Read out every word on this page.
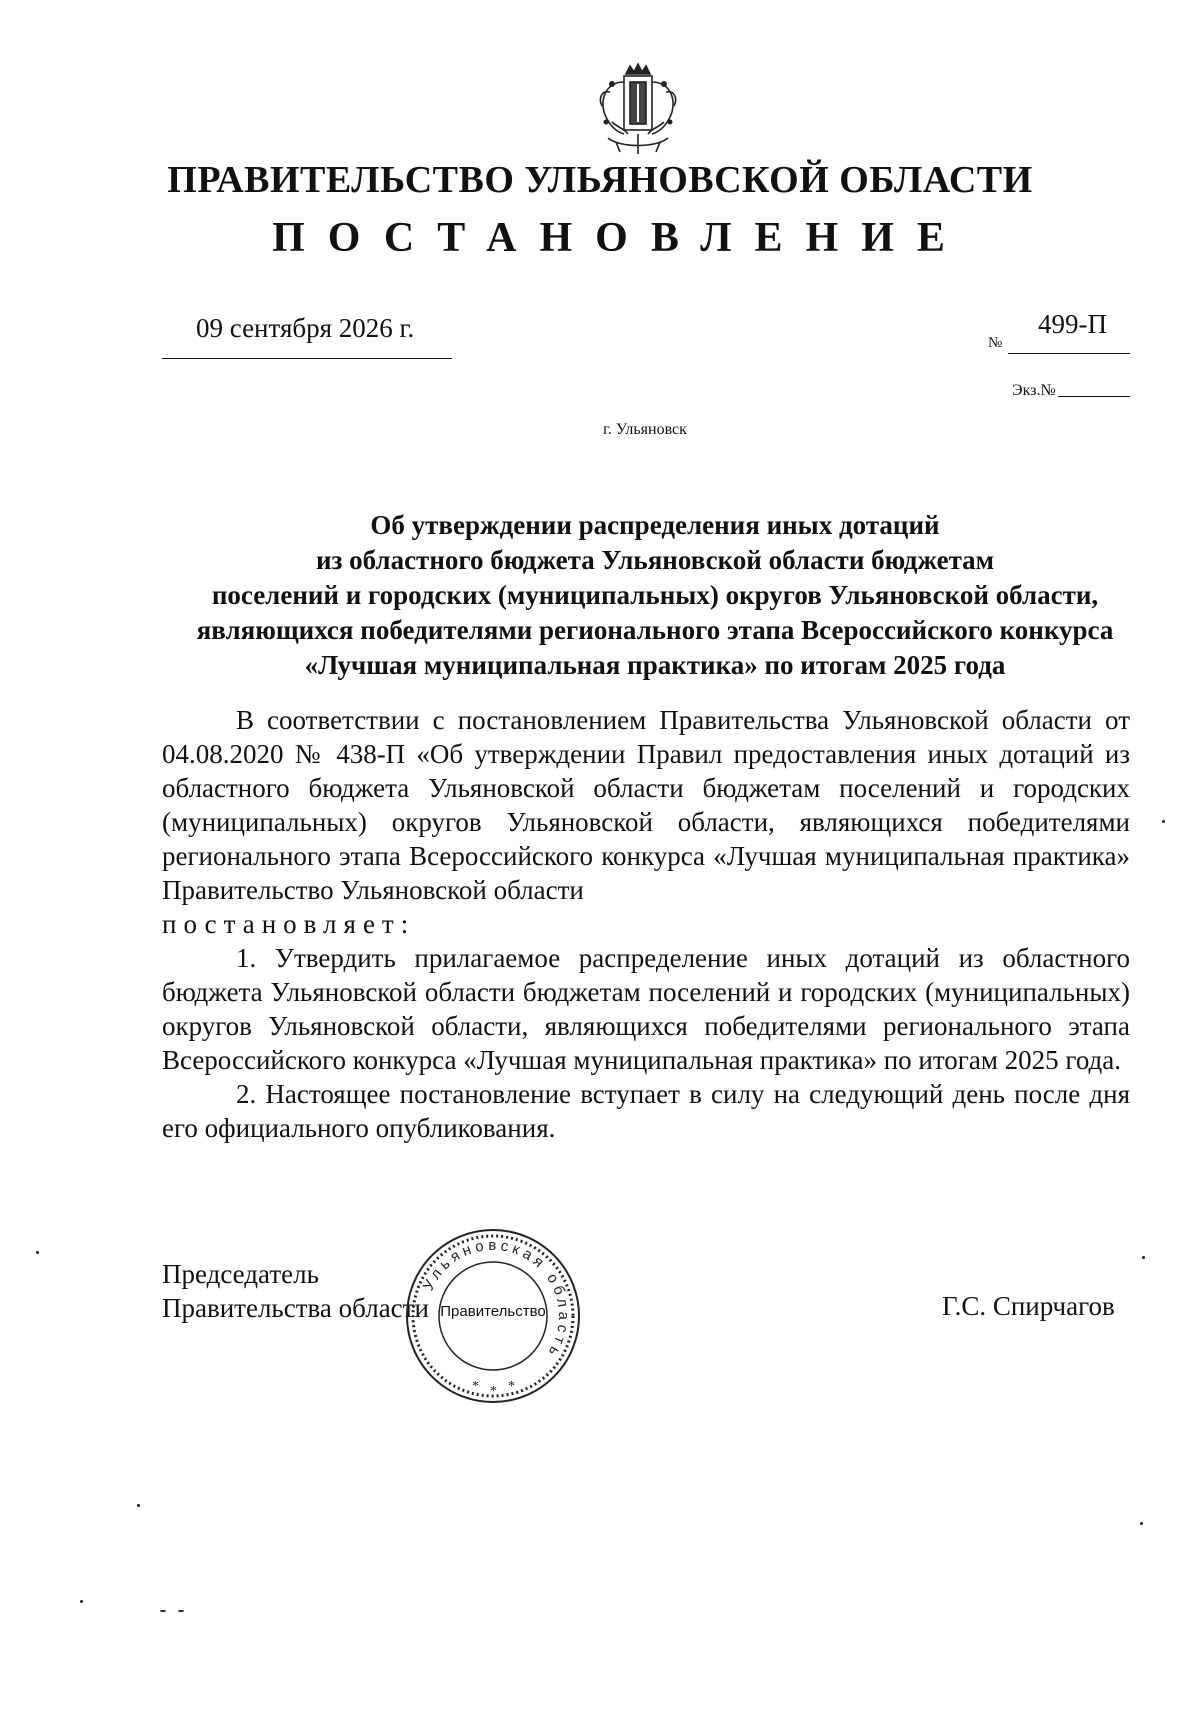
ПРАВИТЕЛЬСТВО УЛЬЯНОВСКОЙ ОБЛАСТИ
ПОСТАНОВЛЕНИЕ
09 сентября 2026 г.	№
499-П
Экз.№
г. Ульяновск
Об утверждении распределения иных дотаций
из областного бюджета Ульяновской области бюджетам
поселений и городских (муниципальных) округов Ульяновской области,
являющихся победителями регионального этапа Всероссийского конкурса
«Лучшая муниципальная практика» по итогам 2025 года

В соответствии с постановлением Правительства Ульяновской области от 04.08.2020 № 438-П «Об утверждении Правил предоставления иных дотаций из областного бюджета Ульяновской области бюджетам поселений и городских (муниципальных) округов Ульяновской области, являющихся победителями регионального этапа Всероссийского конкурса «Лучшая муниципальная практика» Правительство Ульяновской области

постановляет:

1. Утвердить прилагаемое распределение иных дотаций из областного бюджета Ульяновской области бюджетам поселений и городских (муниципальных) округов Ульяновской области, являющихся победителями регионального этапа Всероссийского конкурса «Лучшая муниципальная практика» по итогам 2025 года.

2. Настоящее постановление вступает в силу на следующий день после дня его официального опубликования.

Председатель
Правительства области	Г.С. Спирчагов
Ульяновская область
* * *
Правительство
